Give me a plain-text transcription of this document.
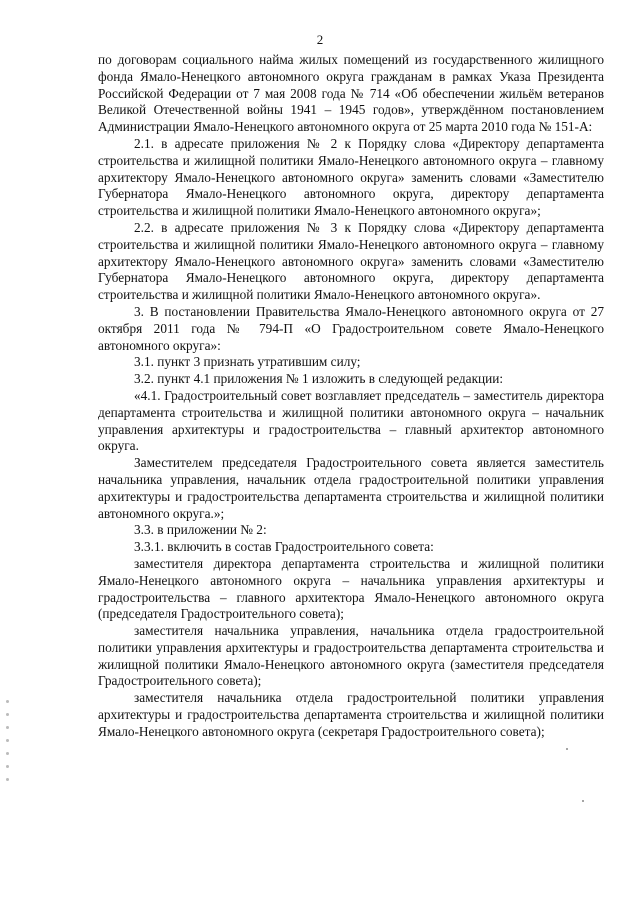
2

по договорам социального найма жилых помещений из государственного жилищного фонда Ямало-Ненецкого автономного округа гражданам в рамках Указа Президента Российской Федерации от 7 мая 2008 года № 714 «Об обеспечении жильём ветеранов Великой Отечественной войны 1941 – 1945 годов», утверждённом постановлением Администрации Ямало-Ненецкого автономного округа от 25 марта 2010 года № 151-А:

2.1. в адресате приложения № 2 к Порядку слова «Директору департамента строительства и жилищной политики Ямало-Ненецкого автономного округа – главному архитектору Ямало-Ненецкого автономного округа» заменить словами «Заместителю Губернатора Ямало-Ненецкого автономного округа, директору департамента строительства и жилищной политики Ямало-Ненецкого автономного округа»;

2.2. в адресате приложения № 3 к Порядку слова «Директору департамента строительства и жилищной политики Ямало-Ненецкого автономного округа – главному архитектору Ямало-Ненецкого автономного округа» заменить словами «Заместителю Губернатора Ямало-Ненецкого автономного округа, директору департамента строительства и жилищной политики Ямало-Ненецкого автономного округа».

3. В постановлении Правительства Ямало-Ненецкого автономного округа от 27 октября 2011 года № 794-П «О Градостроительном совете Ямало-Ненецкого автономного округа»:

3.1. пункт 3 признать утратившим силу;

3.2. пункт 4.1 приложения № 1 изложить в следующей редакции:

«4.1. Градостроительный совет возглавляет председатель – заместитель директора департамента строительства и жилищной политики автономного округа – начальник управления архитектуры и градостроительства – главный архитектор автономного округа.

Заместителем председателя Градостроительного совета является заместитель начальника управления, начальник отдела градостроительной политики управления архитектуры и градостроительства департамента строительства и жилищной политики автономного округа.»;

3.3. в приложении № 2:

3.3.1. включить в состав Градостроительного совета:

заместителя директора департамента строительства и жилищной политики Ямало-Ненецкого автономного округа – начальника управления архитектуры и градостроительства – главного архитектора Ямало-Ненецкого автономного округа (председателя Градостроительного совета);

заместителя начальника управления, начальника отдела градостроительной политики управления архитектуры и градостроительства департамента строительства и жилищной политики Ямало-Ненецкого автономного округа (заместителя председателя Градостроительного совета);

заместителя начальника отдела градостроительной политики управления архитектуры и градостроительства департамента строительства и жилищной политики Ямало-Ненецкого автономного округа (секретаря Градостроительного совета);
